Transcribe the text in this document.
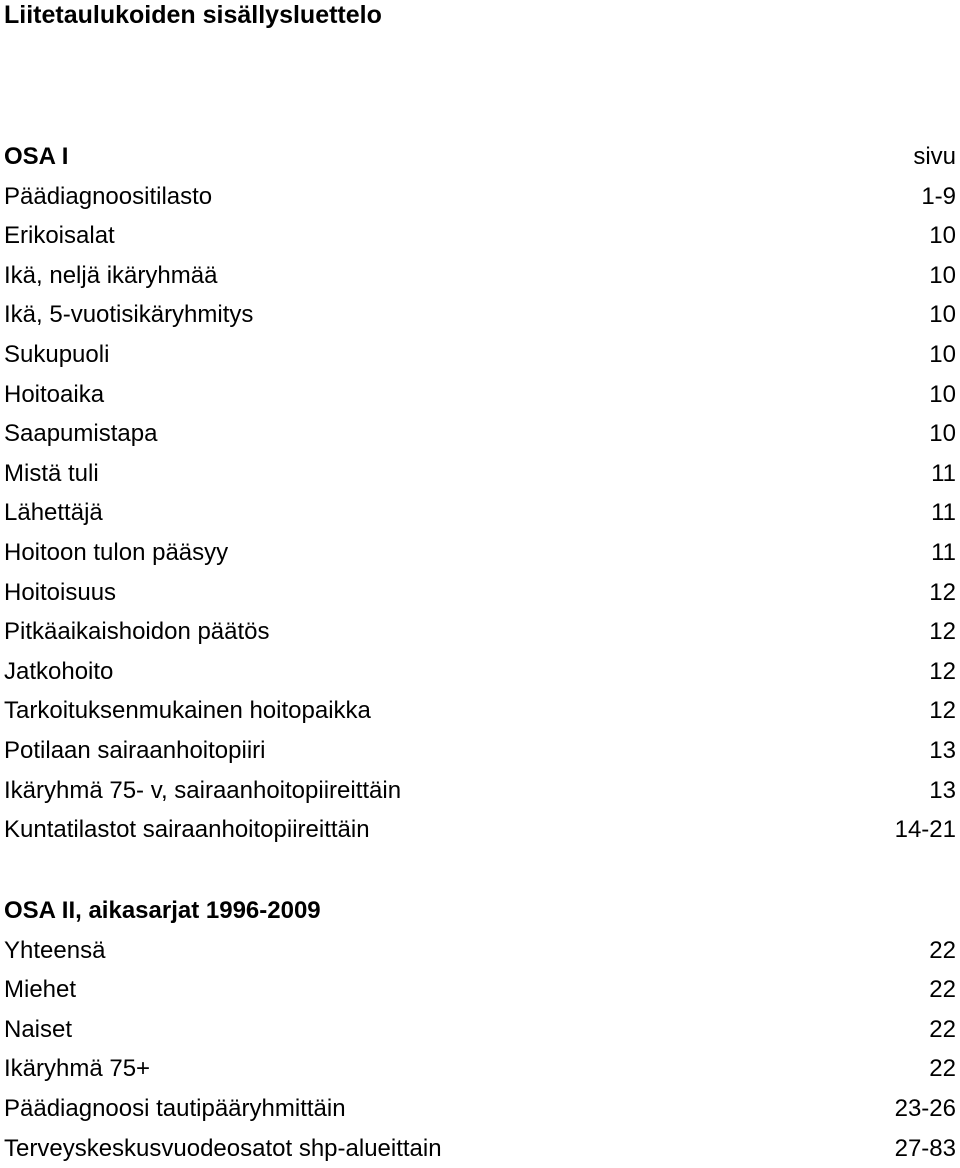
Liitetaulukoiden sisällysluettelo
OSA I	sivu
Päädiagnoositilasto	1-9
Erikoisalat	10
Ikä, neljä ikäryhmää	10
Ikä, 5-vuotisikäryhmitys	10
Sukupuoli	10
Hoitoaika	10
Saapumistapa	10
Mistä tuli	11
Lähettäjä	11
Hoitoon tulon pääsyy	11
Hoitoisuus	12
Pitkäaikaishoidon päätös	12
Jatkohoito	12
Tarkoituksenmukainen hoitopaikka	12
Potilaan sairaanhoitopiiri	13
Ikäryhmä 75- v, sairaanhoitopiireittäin	13
Kuntatilastot sairaanhoitopiireittäin	14-21
OSA II, aikasarjat 1996-2009
Yhteensä	22
Miehet	22
Naiset	22
Ikäryhmä 75+	22
Päädiagnoosi tautipääryhmittäin	23-26
Terveyskeskusvuodeosatot shp-alueittain	27-83
